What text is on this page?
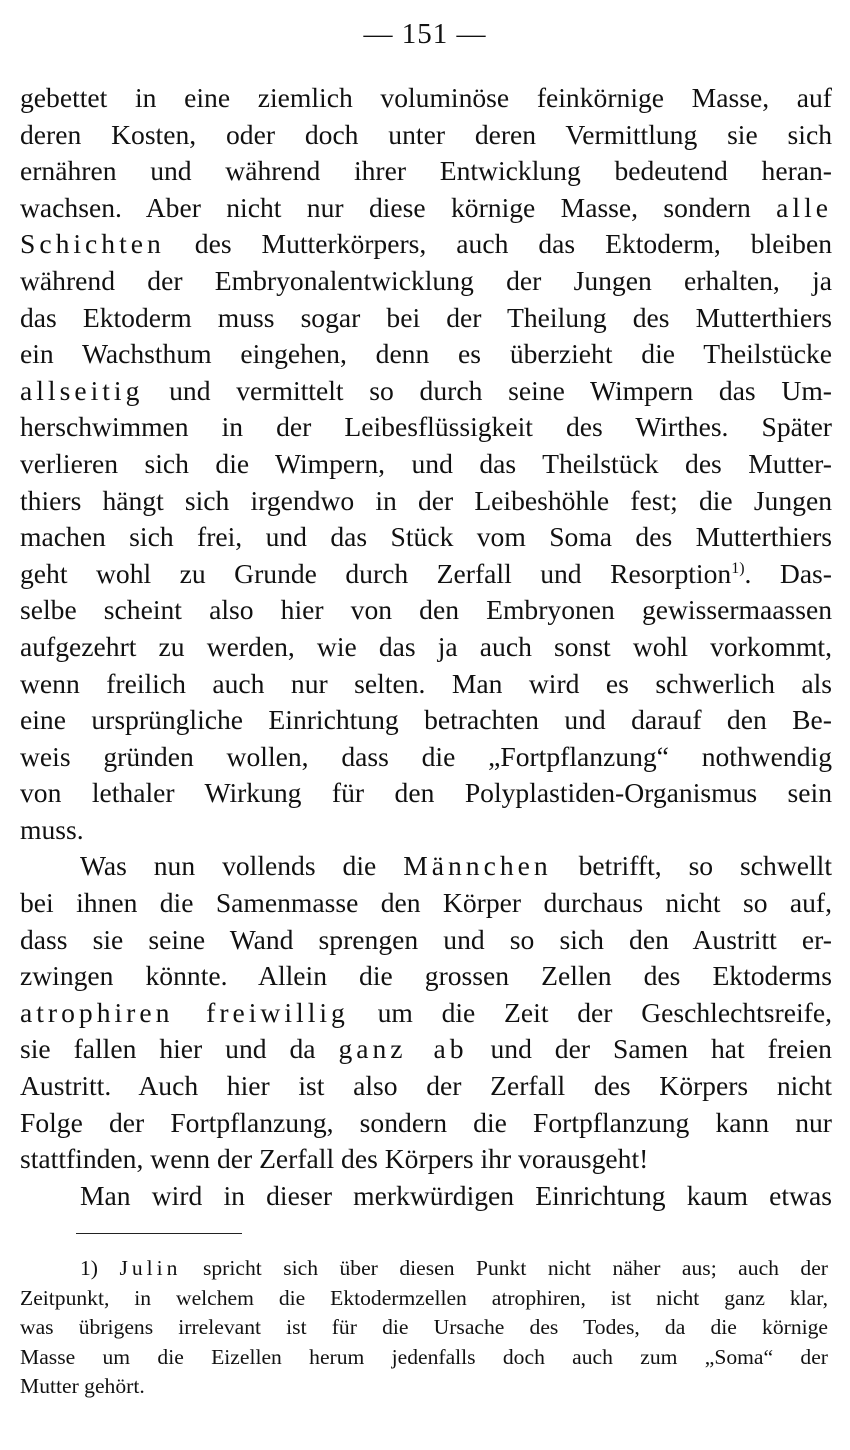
— 151 —

gebettet in eine ziemlich voluminöse feinkörnige Masse, auf

deren Kosten, oder doch unter deren Vermittlung sie sich

ernähren und während ihrer Entwicklung bedeutend heran-

wachsen. Aber nicht nur diese körnige Masse, sondern alle

Schichten des Mutterkörpers, auch das Ektoderm, bleiben

während der Embryonalentwicklung der Jungen erhalten, ja

das Ektoderm muss sogar bei der Theilung des Mutterthiers

ein Wachsthum eingehen, denn es überzieht die Theilstücke

allseitig und vermittelt so durch seine Wimpern das Um-

herschwimmen in der Leibesflüssigkeit des Wirthes. Später

verlieren sich die Wimpern, und das Theilstück des Mutter-

thiers hängt sich irgendwo in der Leibeshöhle fest; die Jungen

machen sich frei, und das Stück vom Soma des Mutterthiers

geht wohl zu Grunde durch Zerfall und Resorption$^{1)}$. Das-

selbe scheint also hier von den Embryonen gewissermaassen

aufgezehrt zu werden, wie das ja auch sonst wohl vorkommt,

wenn freilich auch nur selten. Man wird es schwerlich als

eine ursprüngliche Einrichtung betrachten und darauf den Be-

weis gründen wollen, dass die „Fortpflanzung“ nothwendig

von lethaler Wirkung für den Polyplastiden-Organismus sein

muss.

Was nun vollends die Männchen betrifft, so schwellt

bei ihnen die Samenmasse den Körper durchaus nicht so auf,

dass sie seine Wand sprengen und so sich den Austritt er-

zwingen könnte. Allein die grossen Zellen des Ektoderms

atrophiren freiwillig um die Zeit der Geschlechtsreife,

sie fallen hier und da ganz ab und der Samen hat freien

Austritt. Auch hier ist also der Zerfall des Körpers nicht

Folge der Fortpflanzung, sondern die Fortpflanzung kann nur

stattfinden, wenn der Zerfall des Körpers ihr vorausgeht!

Man wird in dieser merkwürdigen Einrichtung kaum etwas

1) Julin spricht sich über diesen Punkt nicht näher aus; auch der

Zeitpunkt, in welchem die Ektodermzellen atrophiren, ist nicht ganz klar,

was übrigens irrelevant ist für die Ursache des Todes, da die körnige

Masse um die Eizellen herum jedenfalls doch auch zum „Soma“ der

Mutter gehört.
